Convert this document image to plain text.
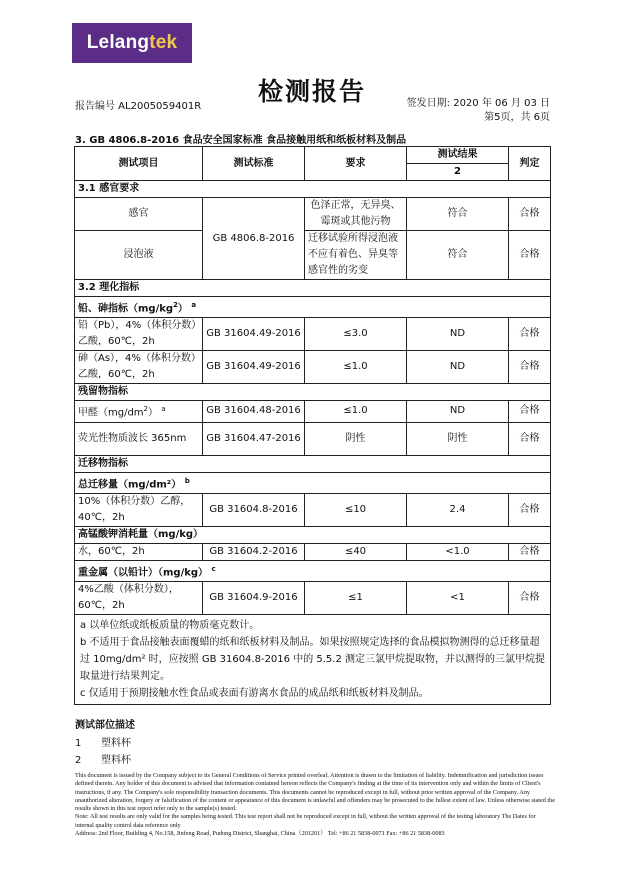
Lelang tek
检测报告
报告编号 AL2005059401R	签发日期: 2020 年 06 月 03 日
第5页，共 6页
3. GB 4806.8-2016 食品安全国家标准 食品接触用纸和纸板材料及制品
测试项目	测试标准	要求	测试结果	判定
			2	
3.1 感官要求				
感官	GB 4806.8-2016	色泽正常，无异臭、霉斑或其他污物	符合	合格
浸泡液		迁移试验所得浸泡液不应有着色、异臭等感官性的劣变	符合	合格
3.2 理化指标				
铅、砷指标$(mg/kg^2)$ $^a$
铅（Pb），4%（体积分数）乙酸，60℃，2h	GB 31604.49-2016	≤3.0	ND	合格
砷（As），4%（体积分数）乙酸，60℃，2h	GB 31604.49-2016	≤1.0	ND	合格
残留物指标				
甲醛$(mg/dm^2)$ $^a$	GB 31604.48-2016	≤1.0	ND	合格
荧光性物质波长 365nm	GB 31604.47-2016	阴性	阴性	合格
迁移物指标				
总迁移量（mg/dm²） $^b$
10%（体积分数）乙醇，40℃，2h	GB 31604.8-2016	≤10	2.4	合格
高锰酸钾消耗量（mg/kg）				
水，60℃，2h	GB 31604.2-2016	≤40	<1.0	合格
重金属（以铅计）（mg/kg） $^c$
4%乙酸（体积分数），60℃，2h	GB 31604.9-2016	≤1	<1	合格

a 以单位纸或纸板质量的物质毫克数计。
b 不适用于食品接触表面覆蜡的纸和纸板材料及制品。如果按照规定选择的食品模拟物测得的总迁移量超过 10mg/dm² 时，应按照 GB 31604.8-2016 中的 5.5.2 测定三氯甲烷提取物，并以测得的三氯甲烷提取量进行结果判定。
c 仅适用于预期接触水性食品或表面有游离水食品的成品纸和纸板材料及制品。				
测试部位描述
1 塑料杯
2 塑料杯
This document is issued by the Company subject to its General Conditions of Service printed overleaf. Attention is drawn to the limitation of liability. Indemnification and jurisdiction issues defined therein. Any holder of this document is advised that information contained hereon reflects the Company's finding at the time of its intervention only and within the limits of Client's instructions, if any. The Company's sole responsibility transaction documents. This documents cannot be reproduced except in full, without prior written approval of the Company. Any unauthorized alteration, forgery or falsification of the content or appearance of this document is unlawful and offenders may be prosecuted to the fullest extent of law. Unless otherwise stated the results shown in this test report refer only to the sample(s) tested.
Note: All test results are only valid for the samples being tested. This test report shall not be reproduced except in full, without the written approval of the testing laboratory The Dates for internal quality control data reference only
Address: 2nd Floor, Building 4, No.158, Jinfeng Road, Pudong District, Shanghai, China（201201） Tel: +86 21 5838-0071 Fax: +86 21 5838-0083
